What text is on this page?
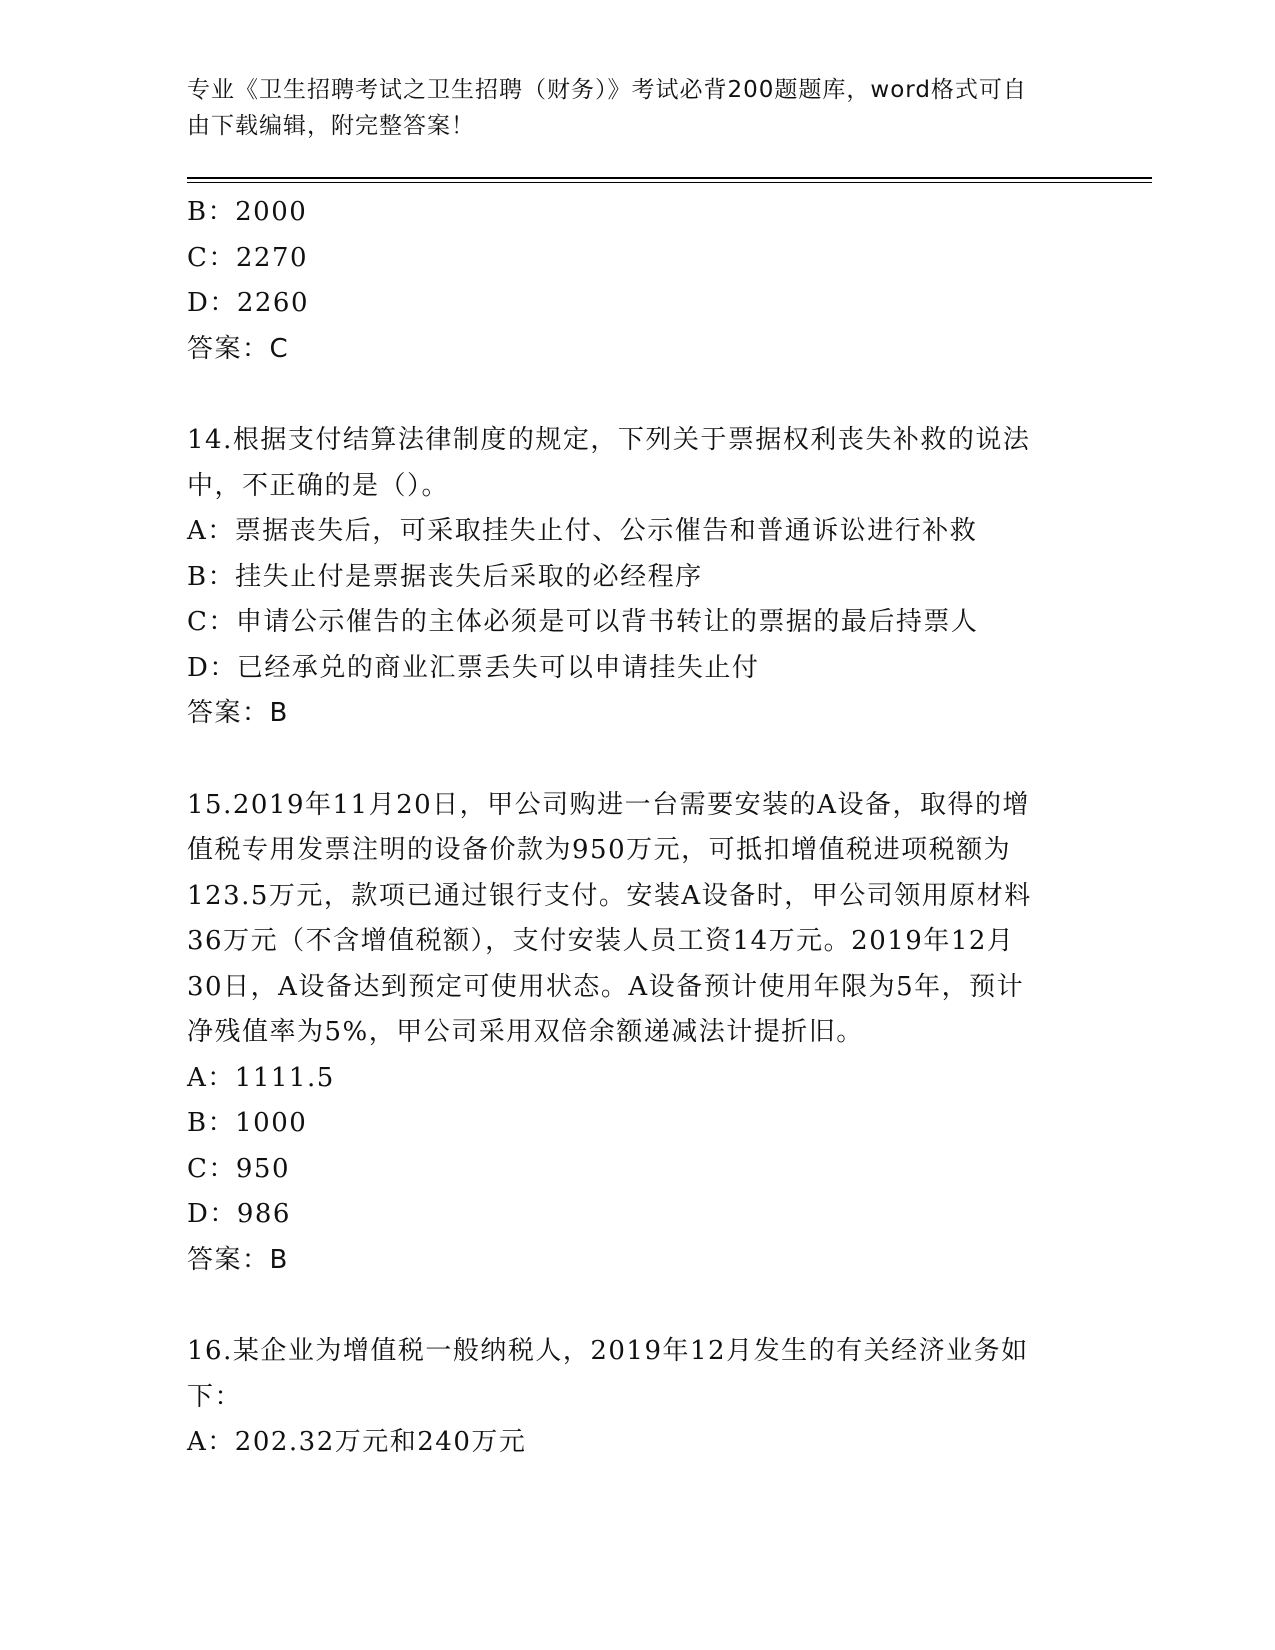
专业《卫生招聘考试之卫生招聘（财务）》考试必背200题题库，word格式可自
由下载编辑，附完整答案！

B：2000

C：2270

D：2260

答案：C

14.根据支付结算法律制度的规定，下列关于票据权利丧失补救的说法

中，不正确的是（）。

A：票据丧失后，可采取挂失止付、公示催告和普通诉讼进行补救

B：挂失止付是票据丧失后采取的必经程序

C：申请公示催告的主体必须是可以背书转让的票据的最后持票人

D：已经承兑的商业汇票丢失可以申请挂失止付

答案：B

15.2019年11月20日，甲公司购进一台需要安装的A设备，取得的增

值税专用发票注明的设备价款为950万元，可抵扣增值税进项税额为

123.5万元，款项已通过银行支付。安装A设备时，甲公司领用原材料

36万元（不含增值税额），支付安装人员工资14万元。2019年12月

30日，A设备达到预定可使用状态。A设备预计使用年限为5年，预计

净残值率为5%，甲公司采用双倍余额递减法计提折旧。

A：1111.5

B：1000

C：950

D：986

答案：B

16.某企业为增值税一般纳税人，2019年12月发生的有关经济业务如

下：

A：202.32万元和240万元
